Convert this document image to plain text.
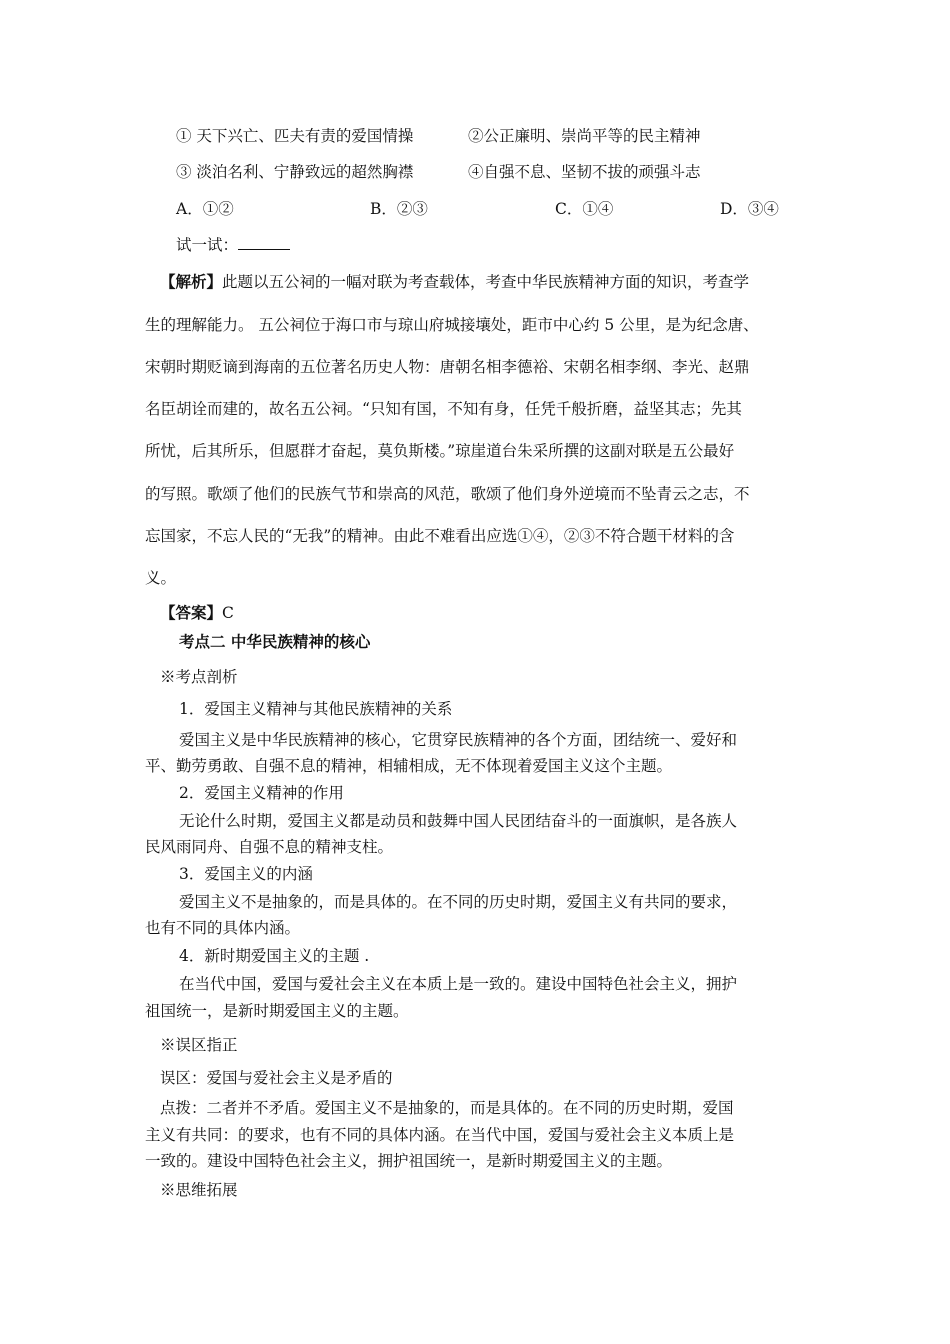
① 天下兴亡、匹夫有责的爱国情操	②公正廉明、崇尚平等的民主精神
③ 淡泊名利、宁静致远的超然胸襟	④自强不息、坚韧不拔的顽强斗志
A．①②	B．②③	C．①④	D．③④
试一试：
【解析】此题以五公祠的一幅对联为考查载体，考查中华民族精神方面的知识，考查学
生的理解能力。 五公祠位于海口市与琼山府城接壤处，距市中心约 5 公里，是为纪念唐、
宋朝时期贬谪到海南的五位著名历史人物：唐朝名相李德裕、宋朝名相李纲、李光、赵鼎
名臣胡诠而建的，故名五公祠。“只知有国，不知有身，任凭千般折磨，益坚其志；先其
所忧，后其所乐，但愿群才奋起，莫负斯楼。”琼崖道台朱采所撰的这副对联是五公最好
的写照。歌颂了他们的民族气节和崇高的风范，歌颂了他们身外逆境而不坠青云之志，不
忘国家，不忘人民的“无我”的精神。由此不难看出应选①④，②③不符合题干材料的含
义。
【答案】C
考点二 中华民族精神的核心
※考点剖析
1．爱国主义精神与其他民族精神的关系
爱国主义是中华民族精神的核心，它贯穿民族精神的各个方面，团结统一、爱好和
平、勤劳勇敢、自强不息的精神，相辅相成，无不体现着爱国主义这个主题。
2．爱国主义精神的作用
无论什么时期，爱国主义都是动员和鼓舞中国人民团结奋斗的一面旗帜，是各族人
民风雨同舟、自强不息的精神支柱。
3．爱国主义的内涵
爱国主义不是抽象的，而是具体的。在不同的历史时期，爱国主义有共同的要求，
也有不同的具体内涵。
4．新时期爱国主义的主题 .
在当代中国，爱国与爱社会主义在本质上是一致的。建设中国特色社会主义，拥护
祖国统一，是新时期爱国主义的主题。
※误区指正
误区：爱国与爱社会主义是矛盾的
点拨：二者并不矛盾。爱国主义不是抽象的，而是具体的。在不同的历史时期，爱国
主义有共同：的要求，也有不同的具体内涵。在当代中国，爱国与爱社会主义本质上是
一致的。建设中国特色社会主义，拥护祖国统一，是新时期爱国主义的主题。
※思维拓展
